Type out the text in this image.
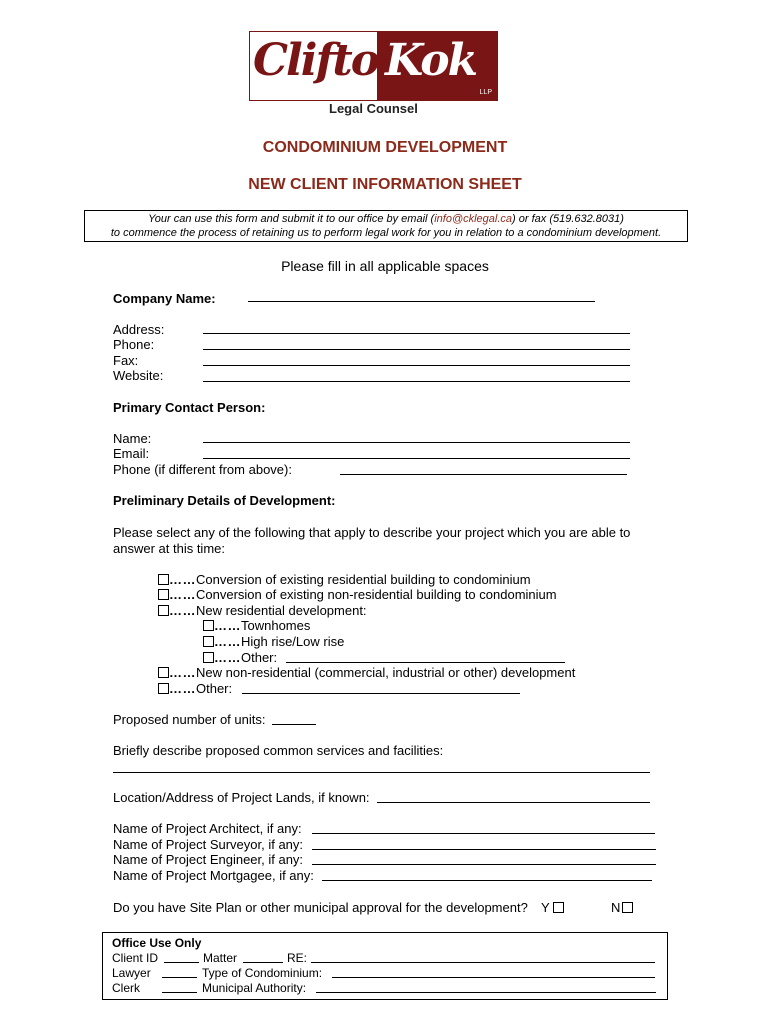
Clifton
Kok
LLP
Legal Counsel
CONDOMINIUM DEVELOPMENT
NEW CLIENT INFORMATION SHEET
Your can use this form and submit it to our office by email (info@cklegal.ca) or fax (519.632.8031)
to commence the process of retaining us to perform legal work for you in relation to a condominium development.
Please fill in all applicable spaces
Company Name:
Address:
Phone:
Fax:
Website:
Primary Contact Person:
Name:
Email:
Phone (if different from above):
Preliminary Details of Development:
Please select any of the following that apply to describe your project which you are able to
answer at this time:
……Conversion of existing residential building to condominium
……Conversion of existing non-residential building to condominium
……New residential development:
……Townhomes
……High rise/Low rise
……Other:
……New non-residential (commercial, industrial or other) development
……Other:
Proposed number of units:
Briefly describe proposed common services and facilities:
Location/Address of Project Lands, if known:
Name of Project Architect, if any:
Name of Project Surveyor, if any:
Name of Project Engineer, if any:
Name of Project Mortgagee, if any:
Do you have Site Plan or other municipal approval for the development? Y	N
Office Use Only
Client ID	Matter	RE:
Lawyer	Type of Condominium:
Clerk	Municipal Authority:
